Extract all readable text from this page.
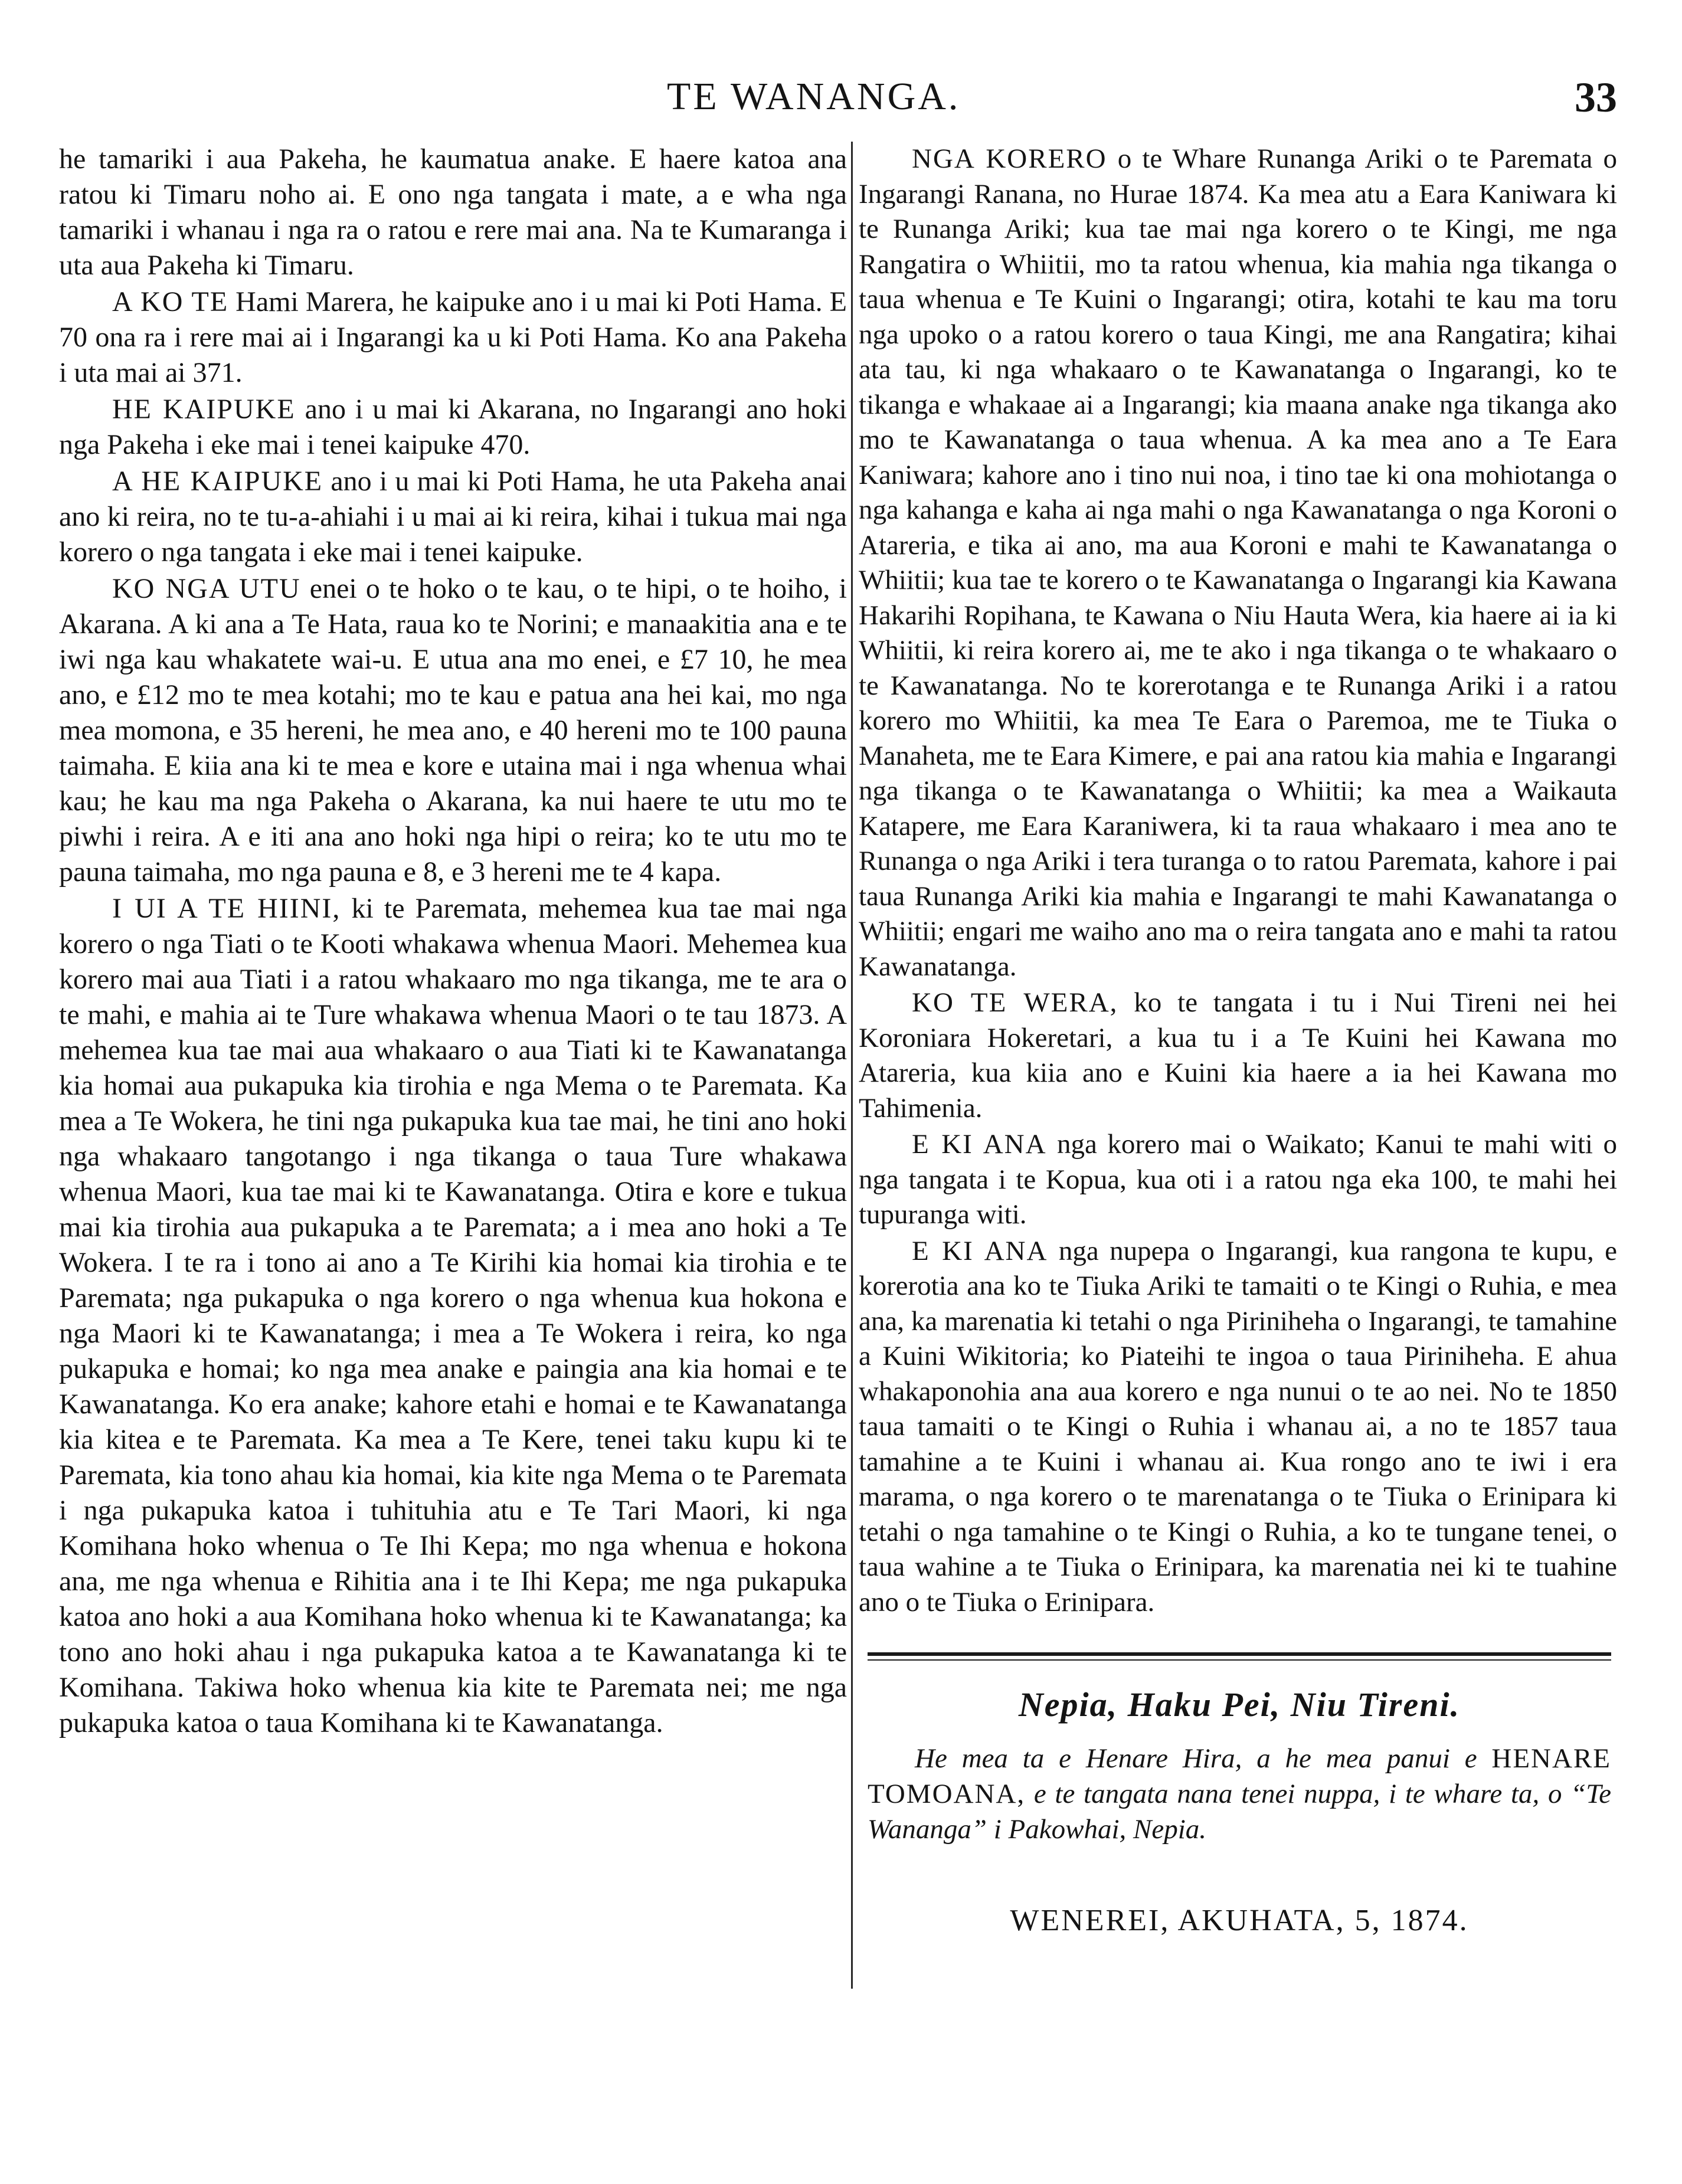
TE WANANGA.	33

he tamariki i aua Pakeha, he kaumatua anake. E haere katoa ana ratou ki Timaru noho ai. E ono nga tangata i mate, a e wha nga tamariki i whanau i nga ra o ratou e rere mai ana. Na te Kumaranga i uta aua Pakeha ki Timaru.

A KO TE Hami Marera, he kaipuke ano i u mai ki Poti Hama. E 70 ona ra i rere mai ai i Ingarangi ka u ki Poti Hama. Ko ana Pakeha i uta mai ai 371.

HE KAIPUKE ano i u mai ki Akarana, no Ingarangi ano hoki nga Pakeha i eke mai i tenei kaipuke 470.

A HE KAIPUKE ano i u mai ki Poti Hama, he uta Pakeha anai ano ki reira, no te tu-a-ahiahi i u mai ai ki reira, kihai i tukua mai nga korero o nga tangata i eke mai i tenei kaipuke.

KO NGA UTU enei o te hoko o te kau, o te hipi, o te hoiho, i Akarana. A ki ana a Te Hata, raua ko te Norini; e manaakitia ana e te iwi nga kau whakatete wai-u. E utua ana mo enei, e £7 10, he mea ano, e £12 mo te mea kotahi; mo te kau e patua ana hei kai, mo nga mea momona, e 35 hereni, he mea ano, e 40 hereni mo te 100 pauna taimaha. E kiia ana ki te mea e kore e utaina mai i nga whenua whai kau; he kau ma nga Pakeha o Akarana, ka nui haere te utu mo te piwhi i reira. A e iti ana ano hoki nga hipi o reira; ko te utu mo te pauna taimaha, mo nga pauna e 8, e 3 hereni me te 4 kapa.

I UI A TE HIINI, ki te Paremata, mehemea kua tae mai nga korero o nga Tiati o te Kooti whakawa whenua Maori. Mehemea kua korero mai aua Tiati i a ratou whakaaro mo nga tikanga, me te ara o te mahi, e mahia ai te Ture whakawa whenua Maori o te tau 1873. A mehemea kua tae mai aua whakaaro o aua Tiati ki te Kawanatanga kia homai aua pukapuka kia tirohia e nga Mema o te Paremata. Ka mea a Te Wokera, he tini nga pukapuka kua tae mai, he tini ano hoki nga whakaaro tangotango i nga tikanga o taua Ture whakawa whenua Maori, kua tae mai ki te Kawanatanga. Otira e kore e tukua mai kia tirohia aua pukapuka a te Paremata; a i mea ano hoki a Te Wokera. I te ra i tono ai ano a Te Kirihi kia homai kia tirohia e te Paremata; nga pukapuka o nga korero o nga whenua kua hokona e nga Maori ki te Kawanatanga; i mea a Te Wokera i reira, ko nga pukapuka e homai; ko nga mea anake e paingia ana kia homai e te Kawanatanga. Ko era anake; kahore etahi e homai e te Kawanatanga kia kitea e te Paremata. Ka mea a Te Kere, tenei taku kupu ki te Paremata, kia tono ahau kia homai, kia kite nga Mema o te Paremata i nga pukapuka katoa i tuhituhia atu e Te Tari Maori, ki nga Komihana hoko whenua o Te Ihi Kepa; mo nga whenua e hokona ana, me nga whenua e Rihitia ana i te Ihi Kepa; me nga pukapuka katoa ano hoki a aua Komihana hoko whenua ki te Kawanatanga; ka tono ano hoki ahau i nga pukapuka katoa a te Kawanatanga ki te Komihana. Takiwa hoko whenua kia kite te Paremata nei; me nga pukapuka katoa o taua Komihana ki te Kawanatanga.

NGA KORERO o te Whare Runanga Ariki o te Paremata o Ingarangi Ranana, no Hurae 1874. Ka mea atu a Eara Kaniwara ki te Runanga Ariki; kua tae mai nga korero o te Kingi, me nga Rangatira o Whiitii, mo ta ratou whenua, kia mahia nga tikanga o taua whenua e Te Kuini o Ingarangi; otira, kotahi te kau ma toru nga upoko o a ratou korero o taua Kingi, me ana Rangatira; kihai ata tau, ki nga whakaaro o te Kawanatanga o Ingarangi, ko te tikanga e whakaae ai a Ingarangi; kia maana anake nga tikanga ako mo te Kawanatanga o taua whenua. A ka mea ano a Te Eara Kaniwara; kahore ano i tino nui noa, i tino tae ki ona mohiotanga o nga kahanga e kaha ai nga mahi o nga Kawanatanga o nga Koroni o Atareria, e tika ai ano, ma aua Koroni e mahi te Kawanatanga o Whiitii; kua tae te korero o te Kawanatanga o Ingarangi kia Kawana Hakarihi Ropihana, te Kawana o Niu Hauta Wera, kia haere ai ia ki Whiitii, ki reira korero ai, me te ako i nga tikanga o te whakaaro o te Kawanatanga. No te korerotanga e te Runanga Ariki i a ratou korero mo Whiitii, ka mea Te Eara o Paremoa, me te Tiuka o Manaheta, me te Eara Kimere, e pai ana ratou kia mahia e Ingarangi nga tikanga o te Kawanatanga o Whiitii; ka mea a Waikauta Katapere, me Eara Karaniwera, ki ta raua whakaaro i mea ano te Runanga o nga Ariki i tera turanga o to ratou Paremata, kahore i pai taua Runanga Ariki kia mahia e Ingarangi te mahi Kawanatanga o Whiitii; engari me waiho ano ma o reira tangata ano e mahi ta ratou Kawanatanga.

KO TE WERA, ko te tangata i tu i Nui Tireni nei hei Koroniara Hokeretari, a kua tu i a Te Kuini hei Kawana mo Atareria, kua kiia ano e Kuini kia haere a ia hei Kawana mo Tahimenia.

E KI ANA nga korero mai o Waikato; Kanui te mahi witi o nga tangata i te Kopua, kua oti i a ratou nga eka 100, te mahi hei tupuranga witi.

E KI ANA nga nupepa o Ingarangi, kua rangona te kupu, e korerotia ana ko te Tiuka Ariki te tamaiti o te Kingi o Ruhia, e mea ana, ka marenatia ki tetahi o nga Piriniheha o Ingarangi, te tamahine a Kuini Wikitoria; ko Piateihi te ingoa o taua Piriniheha. E ahua whakaponohia ana aua korero e nga nunui o te ao nei. No te 1850 taua tamaiti o te Kingi o Ruhia i whanau ai, a no te 1857 taua tamahine a te Kuini i whanau ai. Kua rongo ano te iwi i era marama, o nga korero o te marenatanga o te Tiuka o Erinipara ki tetahi o nga tamahine o te Kingi o Ruhia, a ko te tungane tenei, o taua wahine a te Tiuka o Erinipara, ka marenatia nei ki te tuahine ano o te Tiuka o Erinipara.

Nepia, Haku Pei, Niu Tireni.

He mea ta e Henare Hira, a he mea panui e HENARE TOMOANA, e te tangata nana tenei nuppa, i te whare ta, o “Te Wananga” i Pakowhai, Nepia.

WENEREI, AKUHATA, 5, 1874.
